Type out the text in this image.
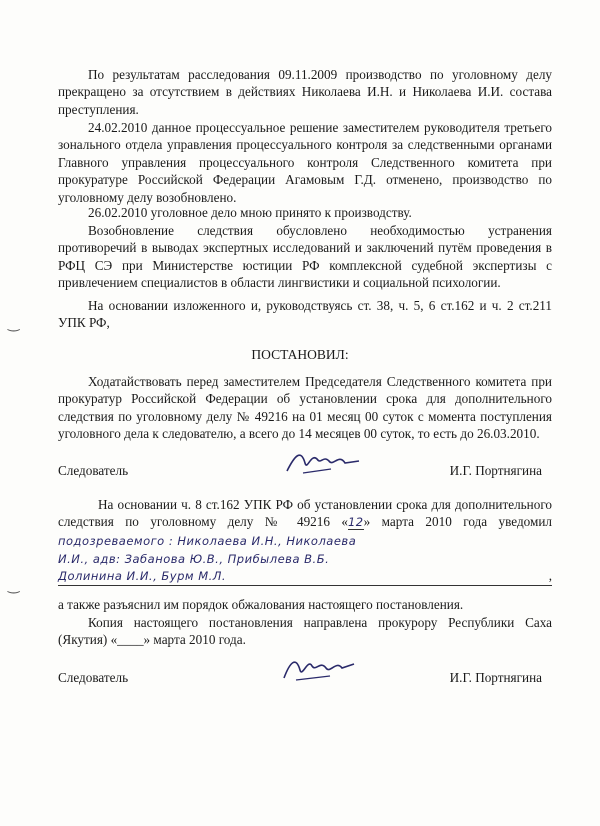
‿
‿
По результатам расследования 09.11.2009 производство по уголовному делу прекращено за отсутствием в действиях Николаева И.Н. и Николаева И.И. состава преступления.
24.02.2010 данное процессуальное решение заместителем руководителя третьего зонального отдела управления процессуального контроля за следственными органами Главного управления процессуального контроля Следственного комитета при прокуратуре Российской Федерации Агамовым Г.Д. отменено, производство по уголовному делу возобновлено.
26.02.2010 уголовное дело мною принято к производству.
Возобновление следствия обусловлено необходимостью устранения противоречий в выводах экспертных исследований и заключений путём проведения в РФЦ СЭ при Министерстве юстиции РФ комплексной судебной экспертизы с привлечением специалистов в области лингвистики и социальной психологии.
На основании изложенного и, руководствуясь ст. 38, ч. 5, 6 ст.162 и ч. 2 ст.211 УПК РФ,
ПОСТАНОВИЛ:
Ходатайствовать перед заместителем Председателя Следственного комитета при прокуратур Российской Федерации об установлении срока для дополнительного следствия по уголовному делу № 49216 на 01 месяц 00 суток с момента поступления уголовного дела к следователю, а всего до 14 месяцев 00 суток, то есть до 26.03.2010.
Следователь	И.Г. Портнягина
На основании ч. 8 ст.162 УПК РФ об установлении срока для дополнительного следствия по уголовному делу № 49216 «12» марта 2010 года уведомил подозреваемого : Николаева И.Н., Николаева
И.И., адв: Забанова Ю.В., Прибылева В.Б.
Долинина И.И., Бурм М.Л.	,
а также разъяснил им порядок обжалования настоящего постановления.
Копия настоящего постановления направлена прокурору Республики Саха (Якутия) «____» марта 2010 года.
Следователь	И.Г. Портнягина
